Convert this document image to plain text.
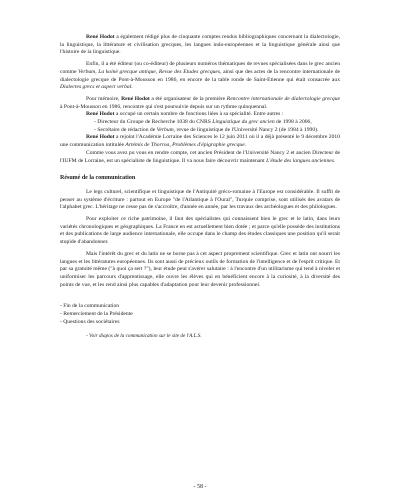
René Hodot a également rédigé plus de cinquante comptes rendus bibliographiques concernant la dialectologie, la linguistique, la littérature et civilisation grecques, les langues indo-européennes et la linguistique générale ainsi que l'histoire de la linguistique.

Enfin, il a été éditeur (ou co-éditeur) de plusieurs numéros thématiques de revues spécialisées dans le grec ancien comme Verbum, La koinè grecque antique, Revue des Etudes grecques, ainsi que des actes de la rencontre internationale de dialectologie grecque de Pont-à-Mousson en 1986, en encore de la table ronde de Saint-Etienne qui était consacrée aux Dialectes grecs et aspect verbal.

Pour mémoire, René Hodot a été organisateur de la première Rencontre internationale de dialectologie grecque à Pont-à-Mousson en 1986, rencontre qui s'est poursuivie depuis sur un rythme quinquennal.

René Hodot a occupé un certain nombre de fonctions liées à sa spécialité. Entre autres :

- Directeur du Groupe de Recherche 1038 du CNRS Linguistique du grec ancien de 1998 à 2006,
- Secrétaire de rédaction de Verbum, revue de linguistique de l'Université Nancy 2 (de 1984 à 1990).

René Hodot a rejoint l'Académie Lorraine des Sciences le 12 juin 2011 où il a déjà présenté le 9 décembre 2010 une communication intitulée Artémis de Thorroa, Problèmes d'épigraphie grecque.

Comme vous avez pu vous en rendre compte, cet ancien Président de l'Université Nancy 2 et ancien Directeur de l'IUFM de Lorraine, est un spécialiste de linguistique. Il va nous faire découvrir maintenant L'étude des langues anciennes.

Résumé de la communication

Le legs culturel, scientifique et linguistique de l'Antiquité gréco-romaine à l'Europe est considérable. Il suffit de penser au système d'écriture : partout en Europe "de l'Atlantique à l'Oural", Turquie comprise, sont utilisés des avatars de l'alphabet grec. L'héritage ne cesse pas de s'accroître, d'année en année, par les travaux des archéologues et des philologues.

Pour exploiter ce riche patrimoine, il faut des spécialistes qui connaissent bien le grec et le latin, dans leurs variétés chronologiques et géographiques. La France en est actuellement bien dotée ; et parce qu'elle possède des institutions et des publications de large audience internationale, elle occupe dans le champ des études classiques une position qu'il serait stupide d'abandonner.

Mais l'intérêt du grec et du latin ne se borne pas à cet aspect proprement scientifique. Grec et latin ont nourri les langues et les littératures européennes. Ils sont aussi de précieux outils de formation de l'intelligence et de l'esprit critique. Et par sa gratuité même ("à quoi ça sert ?"), leur étude peut s'avérer salutaire : à l'encontre d'un utilitarisme qui tend à niveler et uniformiser les parcours d'apprentissage, elle ouvre les élèves qui en bénéficient encore à la curiosité, à la diversité des points de vue, et les rend ainsi plus capables d'adaptation pour leur devenir professionnel.

- Fin de la communication
- Remerciement de la Présidente
- Questions des sociétaires
- Voir diapos de la communication sur le site de l'A.L.S.
- 58 -
